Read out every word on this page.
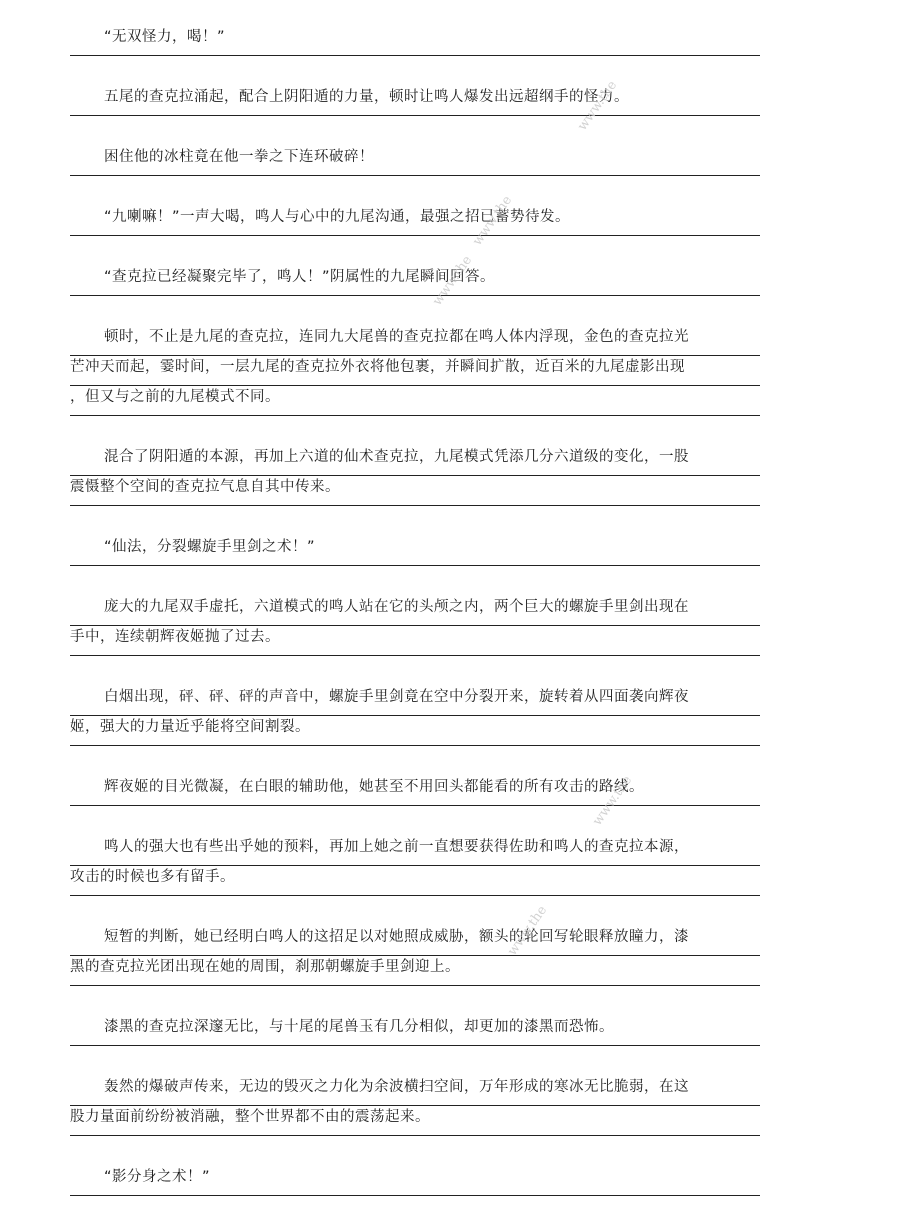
“无双怪力，喝！”
五尾的查克拉涌起，配合上阴阳遁的力量，顿时让鸣人爆发出远超纲手的怪力。
困住他的冰柱竟在他一拳之下连环破碎！
“九喇嘛！”一声大喝，鸣人与心中的九尾沟通，最强之招已蓄势待发。
“查克拉已经凝聚完毕了，鸣人！”阴属性的九尾瞬间回答。
顿时，不止是九尾的查克拉，连同九大尾兽的查克拉都在鸣人体内浮现，金色的查克拉光
芒冲天而起，霎时间，一层九尾的查克拉外衣将他包裹，并瞬间扩散，近百米的九尾虚影出现
，但又与之前的九尾模式不同。
混合了阴阳遁的本源，再加上六道的仙术查克拉，九尾模式凭添几分六道级的变化，一股
震慑整个空间的查克拉气息自其中传来。
“仙法，分裂螺旋手里剑之术！”
庞大的九尾双手虚托，六道模式的鸣人站在它的头颅之内，两个巨大的螺旋手里剑出现在
手中，连续朝辉夜姬抛了过去。
白烟出现，砰、砰、砰的声音中，螺旋手里剑竟在空中分裂开来，旋转着从四面袭向辉夜
姬，强大的力量近乎能将空间割裂。
辉夜姬的目光微凝，在白眼的辅助他，她甚至不用回头都能看的所有攻击的路线。
鸣人的强大也有些出乎她的预料，再加上她之前一直想要获得佐助和鸣人的查克拉本源，
攻击的时候也多有留手。
短暂的判断，她已经明白鸣人的这招足以对她照成威胁，额头的轮回写轮眼释放瞳力，漆
黑的查克拉光团出现在她的周围，刹那朝螺旋手里剑迎上。
漆黑的查克拉深邃无比，与十尾的尾兽玉有几分相似，却更加的漆黑而恐怖。
轰然的爆破声传来，无边的毁灭之力化为余波横扫空间，万年形成的寒冰无比脆弱，在这
股力量面前纷纷被消融，整个世界都不由的震荡起来。
“影分身之术！”
www.the
www.the
www.the
www.the
www.the
